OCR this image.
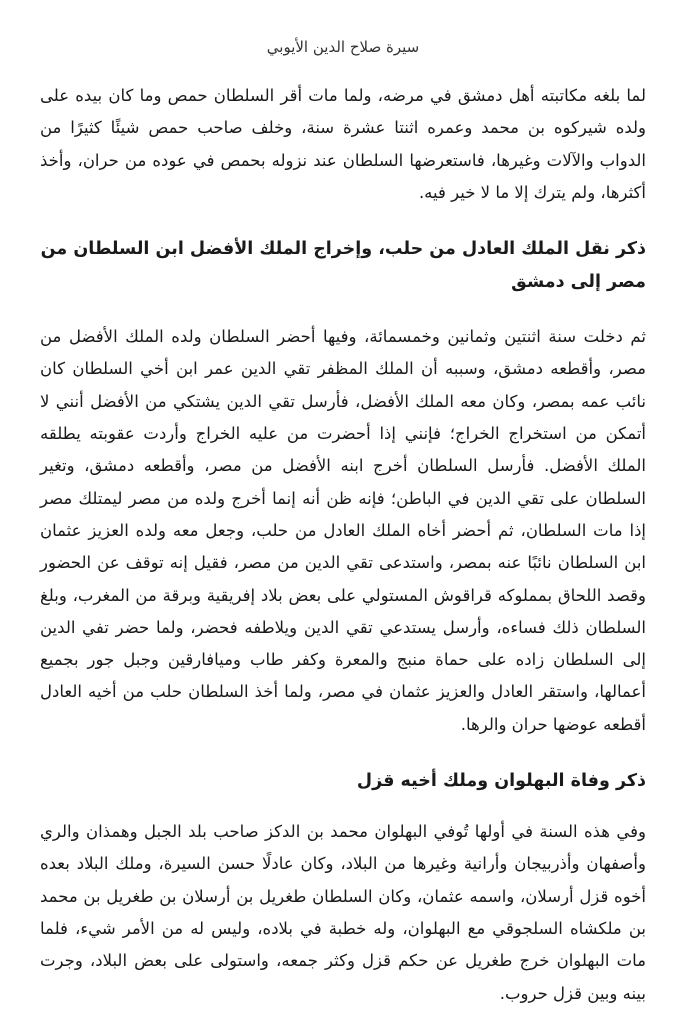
سيرة صلاح الدين الأيوبي

لما بلغه مكاتبته أهل دمشق في مرضه، ولما مات أقر السلطان حمص وما كان بيده على ولده شيركوه بن محمد وعمره اثنتا عشرة سنة، وخلف صاحب حمص شيئًا كثيرًا من الدواب والآلات وغيرها، فاستعرضها السلطان عند نزوله بحمص في عوده من حران، وأخذ أكثرها، ولم يترك إلا ما لا خير فيه.

ذكر نقل الملك العادل من حلب، وإخراج الملك الأفضل ابن السلطان من مصر إلى دمشق

ثم دخلت سنة اثنتين وثمانين وخمسمائة، وفيها أحضر السلطان ولده الملك الأفضل من مصر، وأقطعه دمشق، وسببه أن الملك المظفر تقي الدين عمر ابن أخي السلطان كان نائب عمه بمصر، وكان معه الملك الأفضل، فأرسل تقي الدين يشتكي من الأفضل أنني لا أتمكن من استخراج الخراج؛ فإنني إذا أحضرت من عليه الخراج وأردت عقوبته يطلقه الملك الأفضل. فأرسل السلطان أخرج ابنه الأفضل من مصر، وأقطعه دمشق، وتغير السلطان على تقي الدين في الباطن؛ فإنه ظن أنه إنما أخرج ولده من مصر ليمتلك مصر إذا مات السلطان، ثم أحضر أخاه الملك العادل من حلب، وجعل معه ولده العزيز عثمان ابن السلطان نائبًا عنه بمصر، واستدعى تقي الدين من مصر، فقيل إنه توقف عن الحضور وقصد اللحاق بمملوكه قراقوش المستولي على بعض بلاد إفريقية وبرقة من المغرب، وبلغ السلطان ذلك فساءه، وأرسل يستدعي تقي الدين ويلاطفه فحضر، ولما حضر تفي الدين إلى السلطان زاده على حماة منبج والمعرة وكفر طاب وميافارقين وجبل جور بجميع أعمالها، واستقر العادل والعزيز عثمان في مصر، ولما أخذ السلطان حلب من أخيه العادل أقطعه عوضها حران والرها.

ذكر وفاة البهلوان وملك أخيه قزل

وفي هذه السنة في أولها تُوفي البهلوان محمد بن الدكز صاحب بلد الجبل وهمذان والري وأصفهان وأذربيجان وأرانية وغيرها من البلاد، وكان عادلًا حسن السيرة، وملك البلاد بعده أخوه قزل أرسلان، واسمه عثمان، وكان السلطان طغريل بن أرسلان بن طغريل بن محمد بن ملكشاه السلجوقي مع البهلوان، وله خطبة في بلاده، وليس له من الأمر شيء، فلما مات البهلوان خرج طغريل عن حكم قزل وكثر جمعه، واستولى على بعض البلاد، وجرت بينه وبين قزل حروب.
